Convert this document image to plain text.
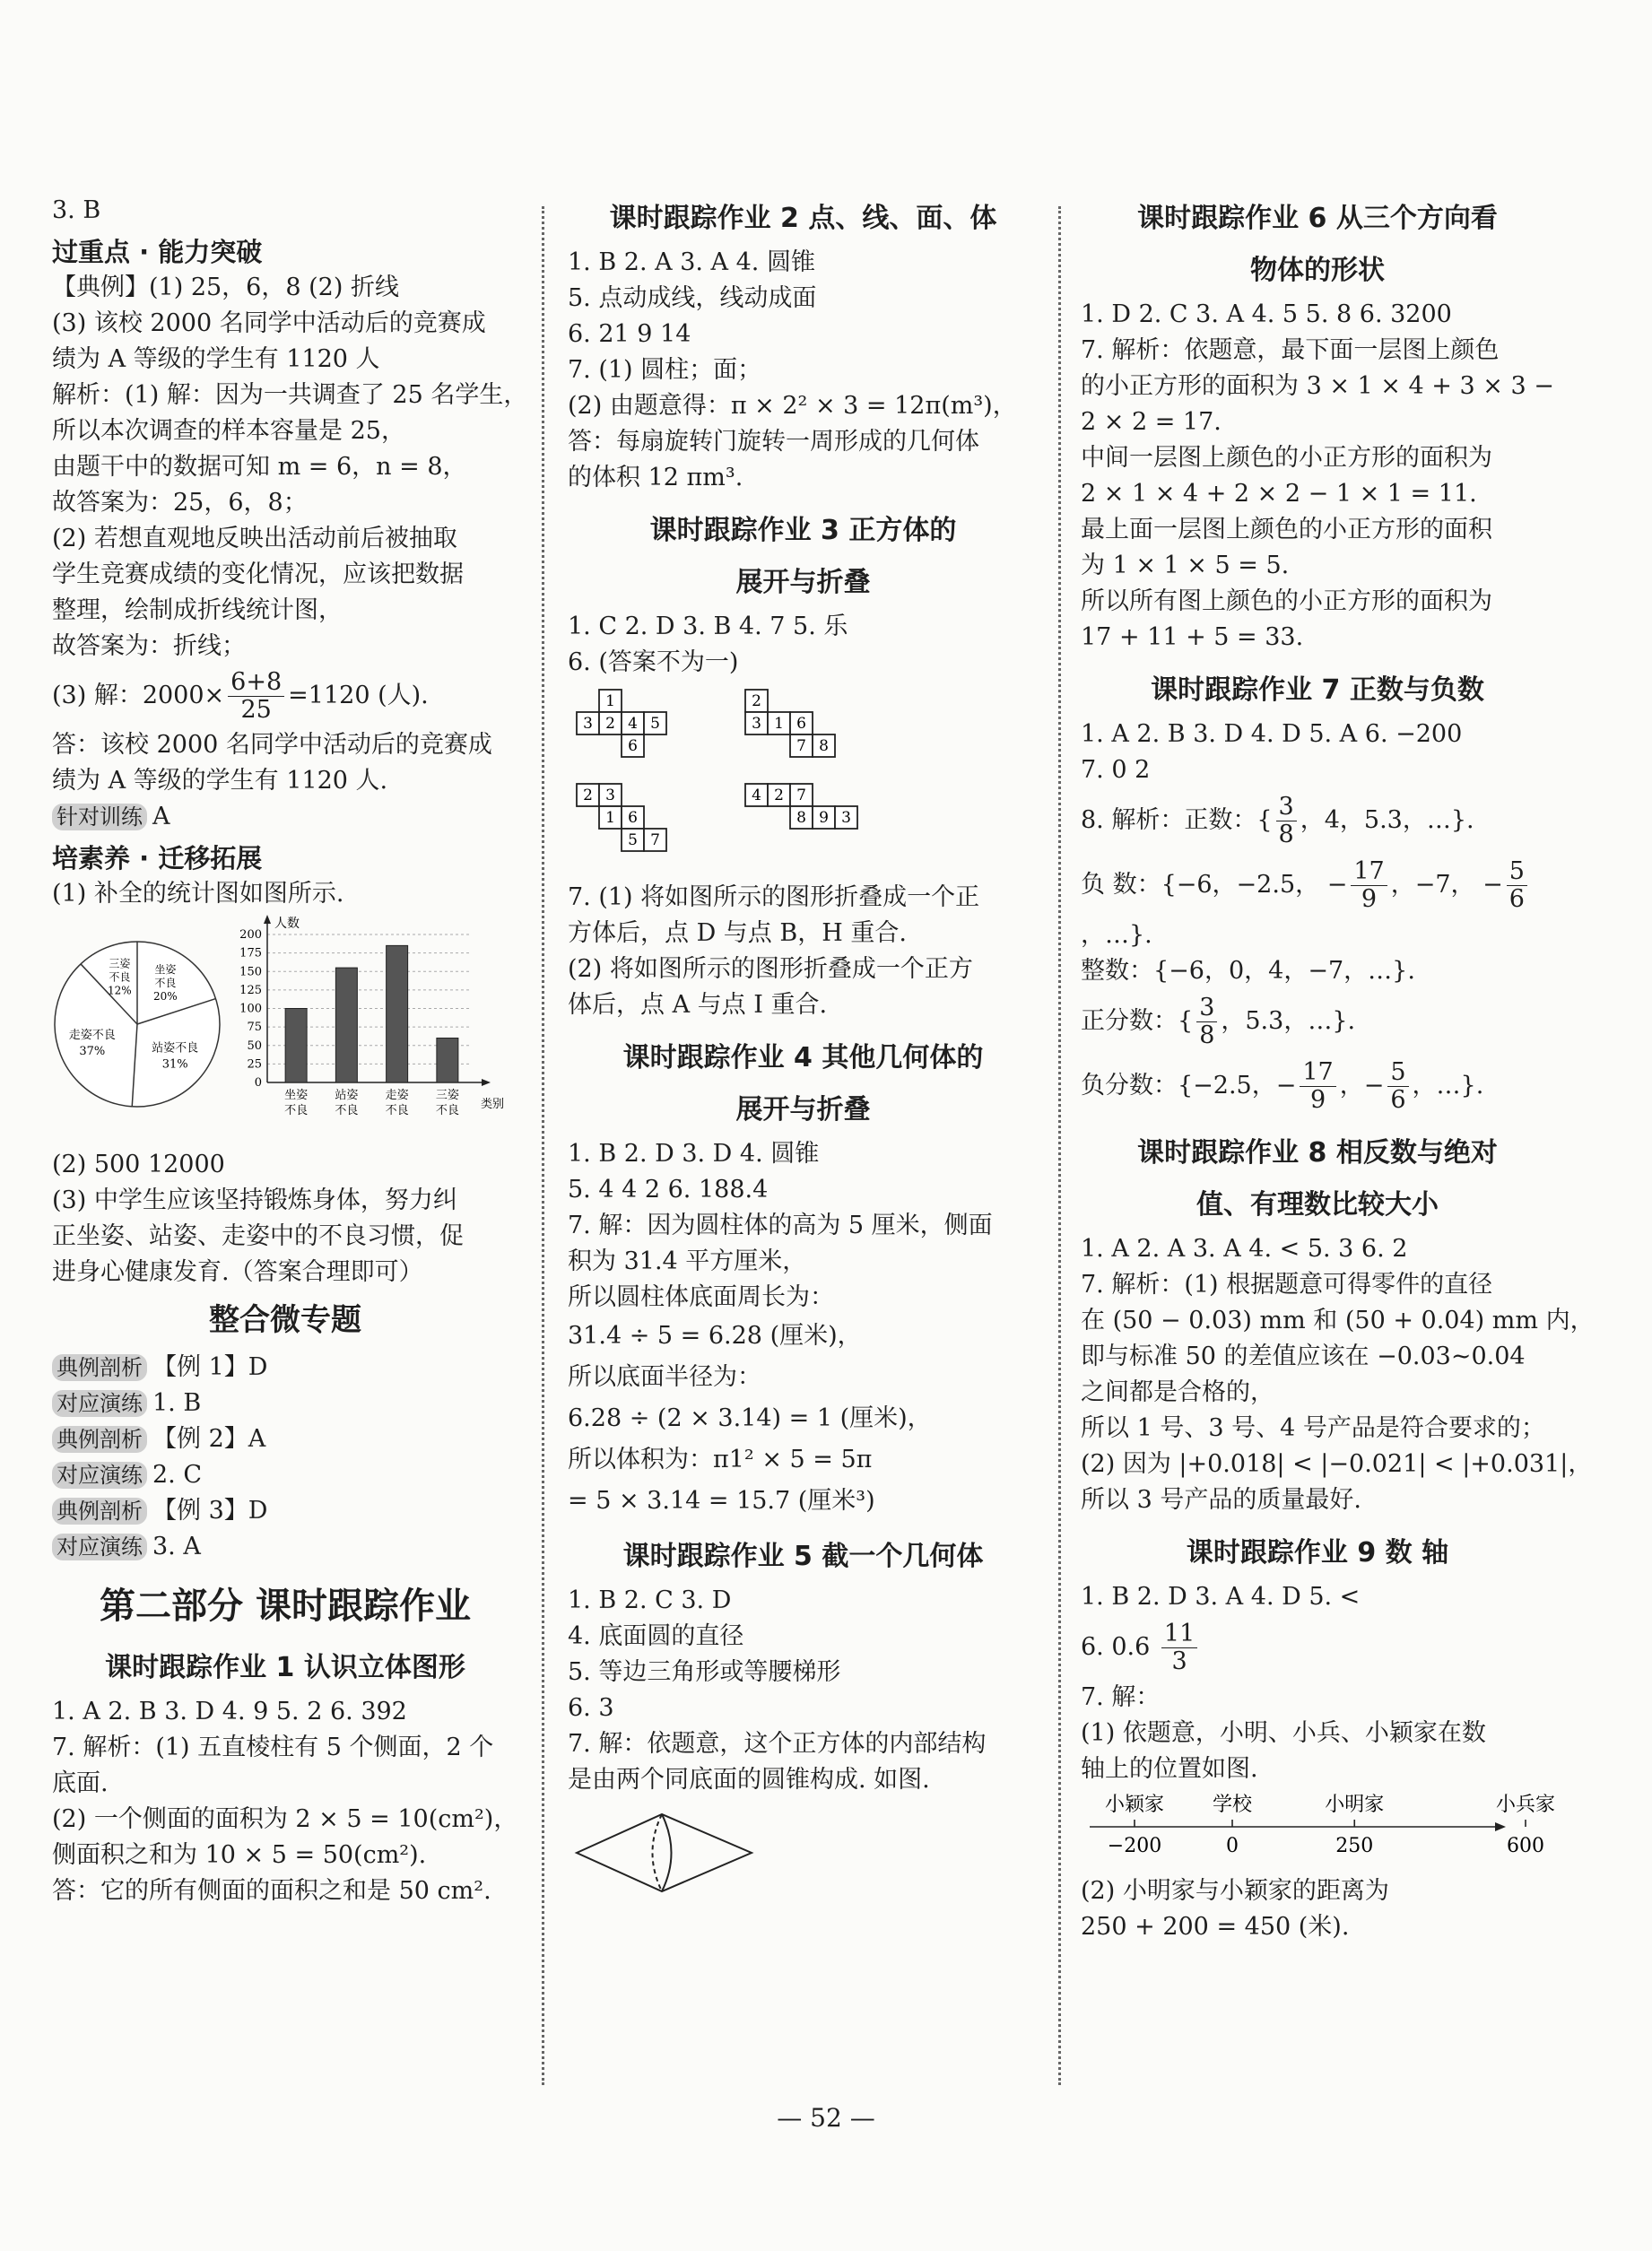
3. B

过重点 · 能力突破

【典例】(1) 25，6，8 (2) 折线

(3) 该校 2000 名同学中活动后的竞赛成

绩为 A 等级的学生有 1120 人

解析：(1) 解：因为一共调查了 25 名学生，

所以本次调查的样本容量是 25，

由题干中的数据可知 m = 6，n = 8，

故答案为：25，6，8；

(2) 若想直观地反映出活动前后被抽取

学生竞赛成绩的变化情况，应该把数据

整理，绘制成折线统计图，

故答案为：折线；

(3) 解：$2000\times \frac{6+8}{25} =1120$ (人).

答：该校 2000 名同学中活动后的竞赛成

绩为 A 等级的学生有 1120 人.

针对训练 A

培素养 · 迁移拓展

(1) 补全的统计图如图所示.

三姿
不良
12%
坐姿
不良
20%
站姿不良
31%
走姿不良
37%
0
25
50
75
100
125
150
175
200
人数
类别
坐姿
不良
站姿
不良
走姿
不良
三姿
不良

(2) 500 12000

(3) 中学生应该坚持锻炼身体，努力纠

正坐姿、站姿、走姿中的不良习惯，促

进身心健康发育.（答案合理即可）

整合微专题

典例剖析 【例 1】D

对应演练 1. B

典例剖析 【例 2】A

对应演练 2. C

典例剖析 【例 3】D

对应演练 3. A

第二部分 课时跟踪作业

课时跟踪作业 1 认识立体图形

1. A 2. B 3. D 4. 9 5. 2 6. 392

7. 解析：(1) 五直棱柱有 5 个侧面，2 个

底面.

(2) 一个侧面的面积为 2 × 5 = 10(cm²)，

侧面积之和为 10 × 5 = 50(cm²).

答：它的所有侧面的面积之和是 50 cm².

课时跟踪作业 2 点、线、面、体

1. B 2. A 3. A 4. 圆锥

5. 点动成线，线动成面

6. 21 9 14

7. (1) 圆柱；面；

(2) 由题意得：π × 2² × 3 = 12π(m³)，

答：每扇旋转门旋转一周形成的几何体

的体积 12 πm³.

课时跟踪作业 3 正方体的

展开与折叠

1. C 2. D 3. B 4. 7 5. 乐

6. (答案不为一)

1
3 2 4 5
6
2
3 1 6
7 8
2 3
1 6
5 7
4 2 7
8 9 3

7. (1) 将如图所示的图形折叠成一个正

方体后，点 D 与点 B，H 重合.

(2) 将如图所示的图形折叠成一个正方

体后，点 A 与点 I 重合.

课时跟踪作业 4 其他几何体的

展开与折叠

1. B 2. D 3. D 4. 圆锥

5. 4 4 2 6. 188.4

7. 解：因为圆柱体的高为 5 厘米，侧面

积为 31.4 平方厘米，

所以圆柱体底面周长为：

31.4 ÷ 5 = 6.28 (厘米)，

所以底面半径为：

6.28 ÷ (2 × 3.14) = 1 (厘米)，

所以体积为：π1² × 5 = 5π

= 5 × 3.14 = 15.7 (厘米³)

课时跟踪作业 5 截一个几何体

1. B 2. C 3. D

4. 底面圆的直径

5. 等边三角形或等腰梯形

6. 3

7. 解：依题意，这个正方体的内部结构

是由两个同底面的圆锥构成. 如图.

课时跟踪作业 6 从三个方向看

物体的形状

1. D 2. C 3. A 4. 5 5. 8 6. 3200

7. 解析：依题意，最下面一层图上颜色

的小正方形的面积为 3 × 1 × 4 + 3 × 3 −

2 × 2 = 17.

中间一层图上颜色的小正方形的面积为

2 × 1 × 4 + 2 × 2 − 1 × 1 = 11.

最上面一层图上颜色的小正方形的面积

为 1 × 1 × 5 = 5.

所以所有图上颜色的小正方形的面积为

17 + 11 + 5 = 33.

课时跟踪作业 7 正数与负数

1. A 2. B 3. D 4. D 5. A 6. −200

7. 0 2

8. 解析：正数：{ $\frac{3}{8}$ ，4，5.3，…}.

负 数：{−6，−2.5， − $\frac{17}{9}$ ，−7， − $\frac{5}{6}$

，…}.

整数：{−6，0，4，−7，…}.

正分数：{ $\frac{3}{8}$ ，5.3，…}.

负分数：{−2.5，− $\frac{17}{9}$ ，− $\frac{5}{6}$ ，…}.

课时跟踪作业 8 相反数与绝对

值、有理数比较大小

1. A 2. A 3. A 4. < 5. 3 6. 2

7. 解析：(1) 根据题意可得零件的直径

在 (50 − 0.03) mm 和 (50 + 0.04) mm 内，

即与标准 50 的差值应该在 −0.03~0.04

之间都是合格的，

所以 1 号、3 号、4 号产品是符合要求的；

(2) 因为 |+0.018| < |−0.021| < |+0.031|，

所以 3 号产品的质量最好.

课时跟踪作业 9 数 轴

1. B 2. D 3. A 4. D 5. <

6. $0.6 \frac{11}{3}$

7. 解：

(1) 依题意，小明、小兵、小颖家在数

轴上的位置如图.

小颖家
−200
学校
0
小明家
250
小兵家
600

(2) 小明家与小颖家的距离为

250 + 200 = 450 (米).

— 52 —
